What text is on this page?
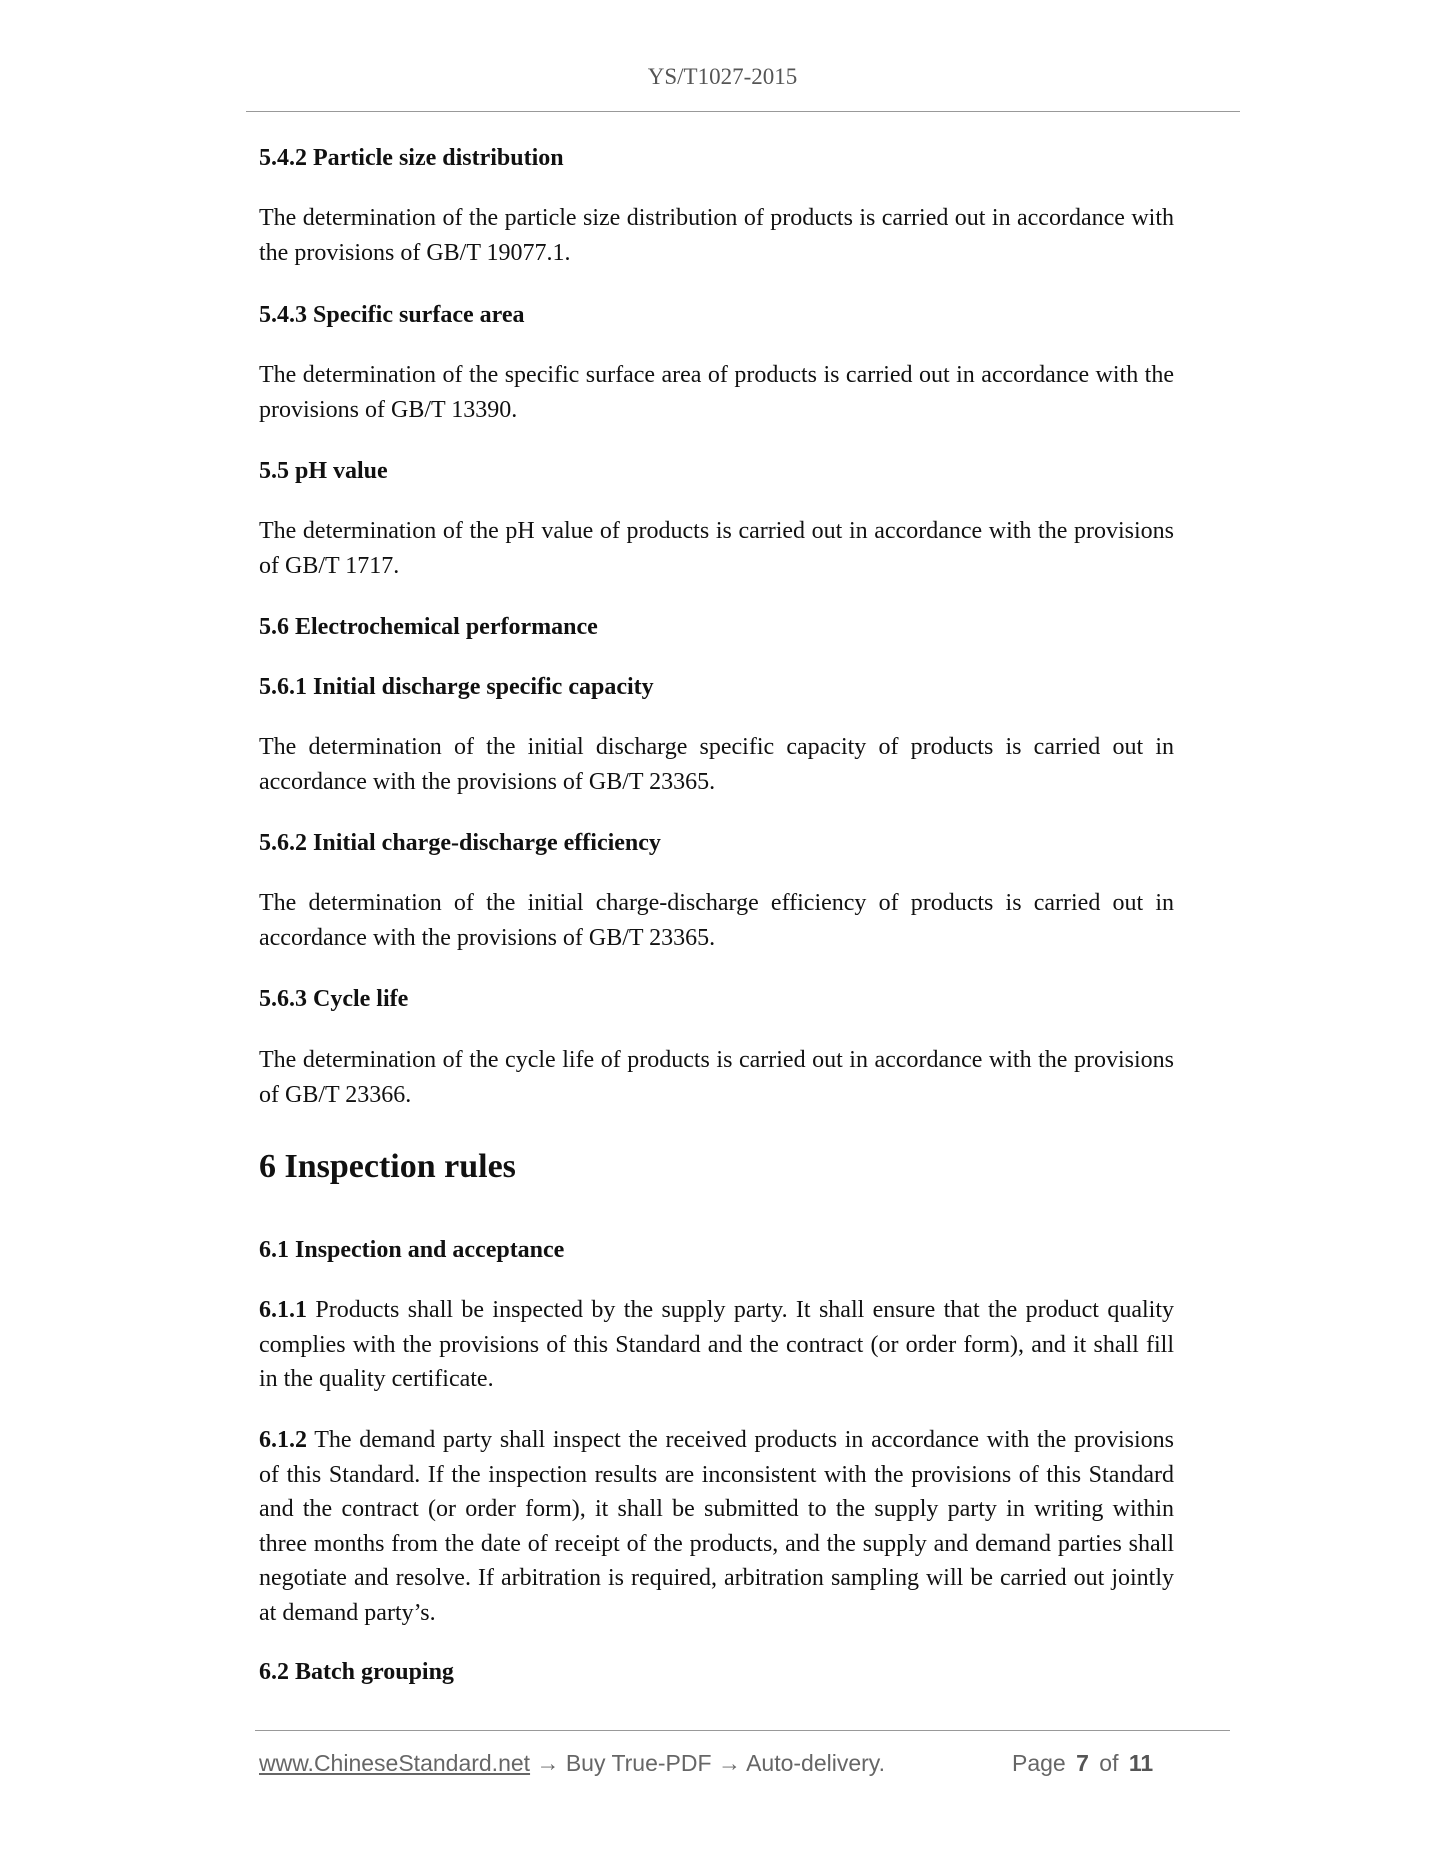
YS/T1027-2015
5.4.2 Particle size distribution
The determination of the particle size distribution of products is carried out in accordance with the provisions of GB/T 19077.1.
5.4.3 Specific surface area
The determination of the specific surface area of products is carried out in accordance with the provisions of GB/T 13390.
5.5 pH value
The determination of the pH value of products is carried out in accordance with the provisions of GB/T 1717.
5.6 Electrochemical performance
5.6.1 Initial discharge specific capacity
The determination of the initial discharge specific capacity of products is carried out in accordance with the provisions of GB/T 23365.
5.6.2 Initial charge-discharge efficiency
The determination of the initial charge-discharge efficiency of products is carried out in accordance with the provisions of GB/T 23365.
5.6.3 Cycle life
The determination of the cycle life of products is carried out in accordance with the provisions of GB/T 23366.
6 Inspection rules
6.1 Inspection and acceptance
6.1.1 Products shall be inspected by the supply party. It shall ensure that the product quality complies with the provisions of this Standard and the contract (or order form), and it shall fill in the quality certificate.
6.1.2 The demand party shall inspect the received products in accordance with the provisions of this Standard. If the inspection results are inconsistent with the provisions of this Standard and the contract (or order form), it shall be submitted to the supply party in writing within three months from the date of receipt of the products, and the supply and demand parties shall negotiate and resolve. If arbitration is required, arbitration sampling will be carried out jointly at demand party’s.
6.2 Batch grouping
www.ChineseStandard.net → Buy True-PDF → Auto-delivery.	Page 7 of 11
